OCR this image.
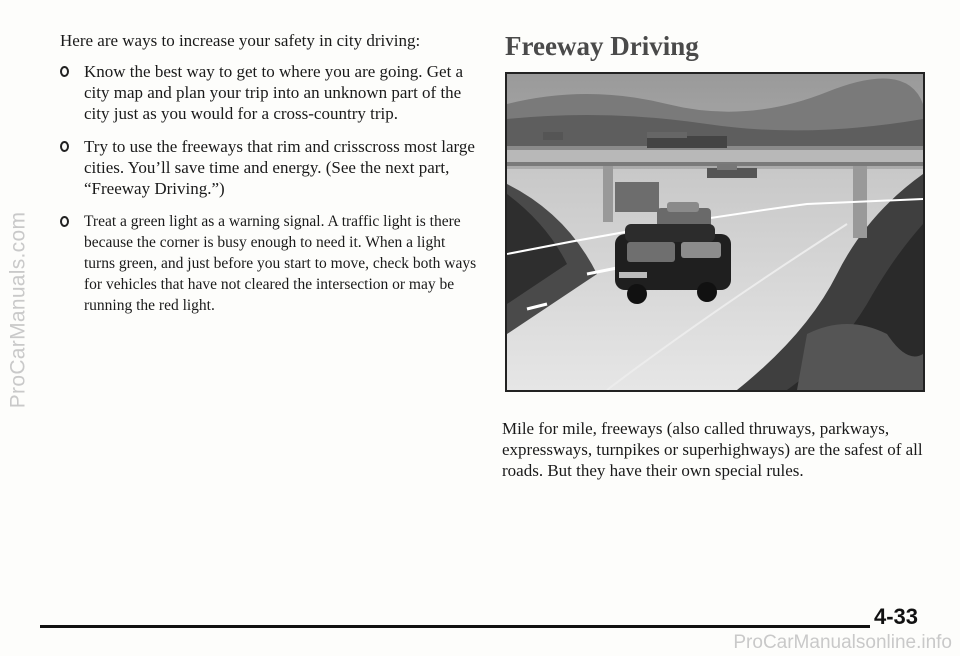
ProCarManuals.com

Here are ways to increase your safety in city driving:

Know the best way to get to where you are going. Get a city map and plan your trip into an unknown part of the city just as you would for a cross-country trip.
Try to use the freeways that rim and crisscross most large cities. You’ll save time and energy. (See the next part, “Freeway Driving.”)
Treat a green light as a warning signal. A traffic light is there because the corner is busy enough to need it. When a light turns green, and just before you start to move, check both ways for vehicles that have not cleared the intersection or may be running the red light.
Freeway Driving

Mile for mile, freeways (also called thruways, parkways, expressways, turnpikes or superhighways) are the safest of all roads. But they have their own special rules.

4-33
ProCarManualsonline.info
